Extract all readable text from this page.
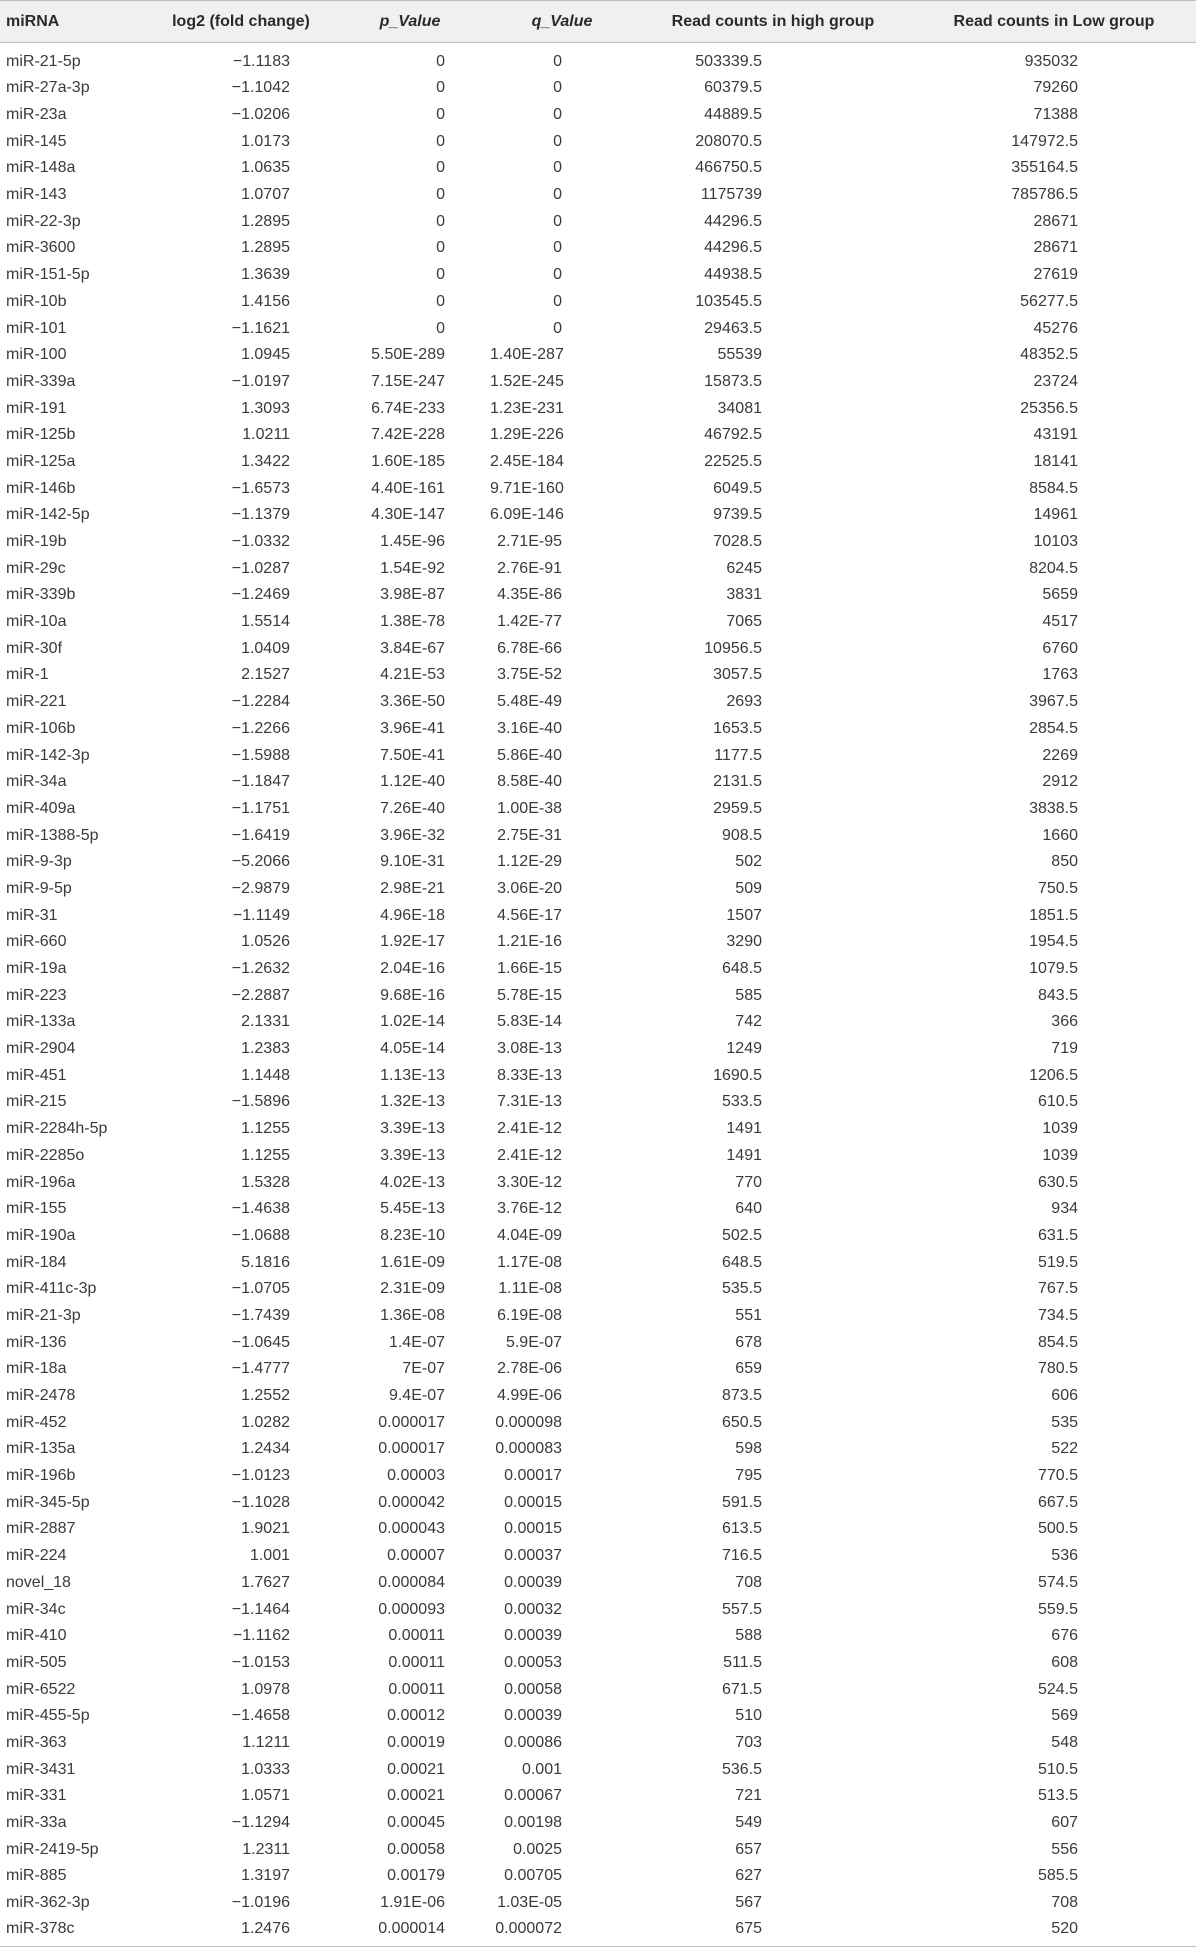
miRNA	log2 (fold change)	p_Value	q_Value	Read counts in high group	Read counts in Low group
miR-21-5p	−1.1183	0	0	503339.5	935032
miR-27a-3p	−1.1042	0	0	60379.5	79260
miR-23a	−1.0206	0	0	44889.5	71388
miR-145	1.0173	0	0	208070.5	147972.5
miR-148a	1.0635	0	0	466750.5	355164.5
miR-143	1.0707	0	0	1175739	785786.5
miR-22-3p	1.2895	0	0	44296.5	28671
miR-3600	1.2895	0	0	44296.5	28671
miR-151-5p	1.3639	0	0	44938.5	27619
miR-10b	1.4156	0	0	103545.5	56277.5
miR-101	−1.1621	0	0	29463.5	45276
miR-100	1.0945	5.50E-289	1.40E-287	55539	48352.5
miR-339a	−1.0197	7.15E-247	1.52E-245	15873.5	23724
miR-191	1.3093	6.74E-233	1.23E-231	34081	25356.5
miR-125b	1.0211	7.42E-228	1.29E-226	46792.5	43191
miR-125a	1.3422	1.60E-185	2.45E-184	22525.5	18141
miR-146b	−1.6573	4.40E-161	9.71E-160	6049.5	8584.5
miR-142-5p	−1.1379	4.30E-147	6.09E-146	9739.5	14961
miR-19b	−1.0332	1.45E-96	2.71E-95	7028.5	10103
miR-29c	−1.0287	1.54E-92	2.76E-91	6245	8204.5
miR-339b	−1.2469	3.98E-87	4.35E-86	3831	5659
miR-10a	1.5514	1.38E-78	1.42E-77	7065	4517
miR-30f	1.0409	3.84E-67	6.78E-66	10956.5	6760
miR-1	2.1527	4.21E-53	3.75E-52	3057.5	1763
miR-221	−1.2284	3.36E-50	5.48E-49	2693	3967.5
miR-106b	−1.2266	3.96E-41	3.16E-40	1653.5	2854.5
miR-142-3p	−1.5988	7.50E-41	5.86E-40	1177.5	2269
miR-34a	−1.1847	1.12E-40	8.58E-40	2131.5	2912
miR-409a	−1.1751	7.26E-40	1.00E-38	2959.5	3838.5
miR-1388-5p	−1.6419	3.96E-32	2.75E-31	908.5	1660
miR-9-3p	−5.2066	9.10E-31	1.12E-29	502	850
miR-9-5p	−2.9879	2.98E-21	3.06E-20	509	750.5
miR-31	−1.1149	4.96E-18	4.56E-17	1507	1851.5
miR-660	1.0526	1.92E-17	1.21E-16	3290	1954.5
miR-19a	−1.2632	2.04E-16	1.66E-15	648.5	1079.5
miR-223	−2.2887	9.68E-16	5.78E-15	585	843.5
miR-133a	2.1331	1.02E-14	5.83E-14	742	366
miR-2904	1.2383	4.05E-14	3.08E-13	1249	719
miR-451	1.1448	1.13E-13	8.33E-13	1690.5	1206.5
miR-215	−1.5896	1.32E-13	7.31E-13	533.5	610.5
miR-2284h-5p	1.1255	3.39E-13	2.41E-12	1491	1039
miR-2285o	1.1255	3.39E-13	2.41E-12	1491	1039
miR-196a	1.5328	4.02E-13	3.30E-12	770	630.5
miR-155	−1.4638	5.45E-13	3.76E-12	640	934
miR-190a	−1.0688	8.23E-10	4.04E-09	502.5	631.5
miR-184	5.1816	1.61E-09	1.17E-08	648.5	519.5
miR-411c-3p	−1.0705	2.31E-09	1.11E-08	535.5	767.5
miR-21-3p	−1.7439	1.36E-08	6.19E-08	551	734.5
miR-136	−1.0645	1.4E-07	5.9E-07	678	854.5
miR-18a	−1.4777	7E-07	2.78E-06	659	780.5
miR-2478	1.2552	9.4E-07	4.99E-06	873.5	606
miR-452	1.0282	0.000017	0.000098	650.5	535
miR-135a	1.2434	0.000017	0.000083	598	522
miR-196b	−1.0123	0.00003	0.00017	795	770.5
miR-345-5p	−1.1028	0.000042	0.00015	591.5	667.5
miR-2887	1.9021	0.000043	0.00015	613.5	500.5
miR-224	1.001	0.00007	0.00037	716.5	536
novel_18	1.7627	0.000084	0.00039	708	574.5
miR-34c	−1.1464	0.000093	0.00032	557.5	559.5
miR-410	−1.1162	0.00011	0.00039	588	676
miR-505	−1.0153	0.00011	0.00053	511.5	608
miR-6522	1.0978	0.00011	0.00058	671.5	524.5
miR-455-5p	−1.4658	0.00012	0.00039	510	569
miR-363	1.1211	0.00019	0.00086	703	548
miR-3431	1.0333	0.00021	0.001	536.5	510.5
miR-331	1.0571	0.00021	0.00067	721	513.5
miR-33a	−1.1294	0.00045	0.00198	549	607
miR-2419-5p	1.2311	0.00058	0.0025	657	556
miR-885	1.3197	0.00179	0.00705	627	585.5
miR-362-3p	−1.0196	1.91E-06	1.03E-05	567	708
miR-378c	1.2476	0.000014	0.000072	675	520
